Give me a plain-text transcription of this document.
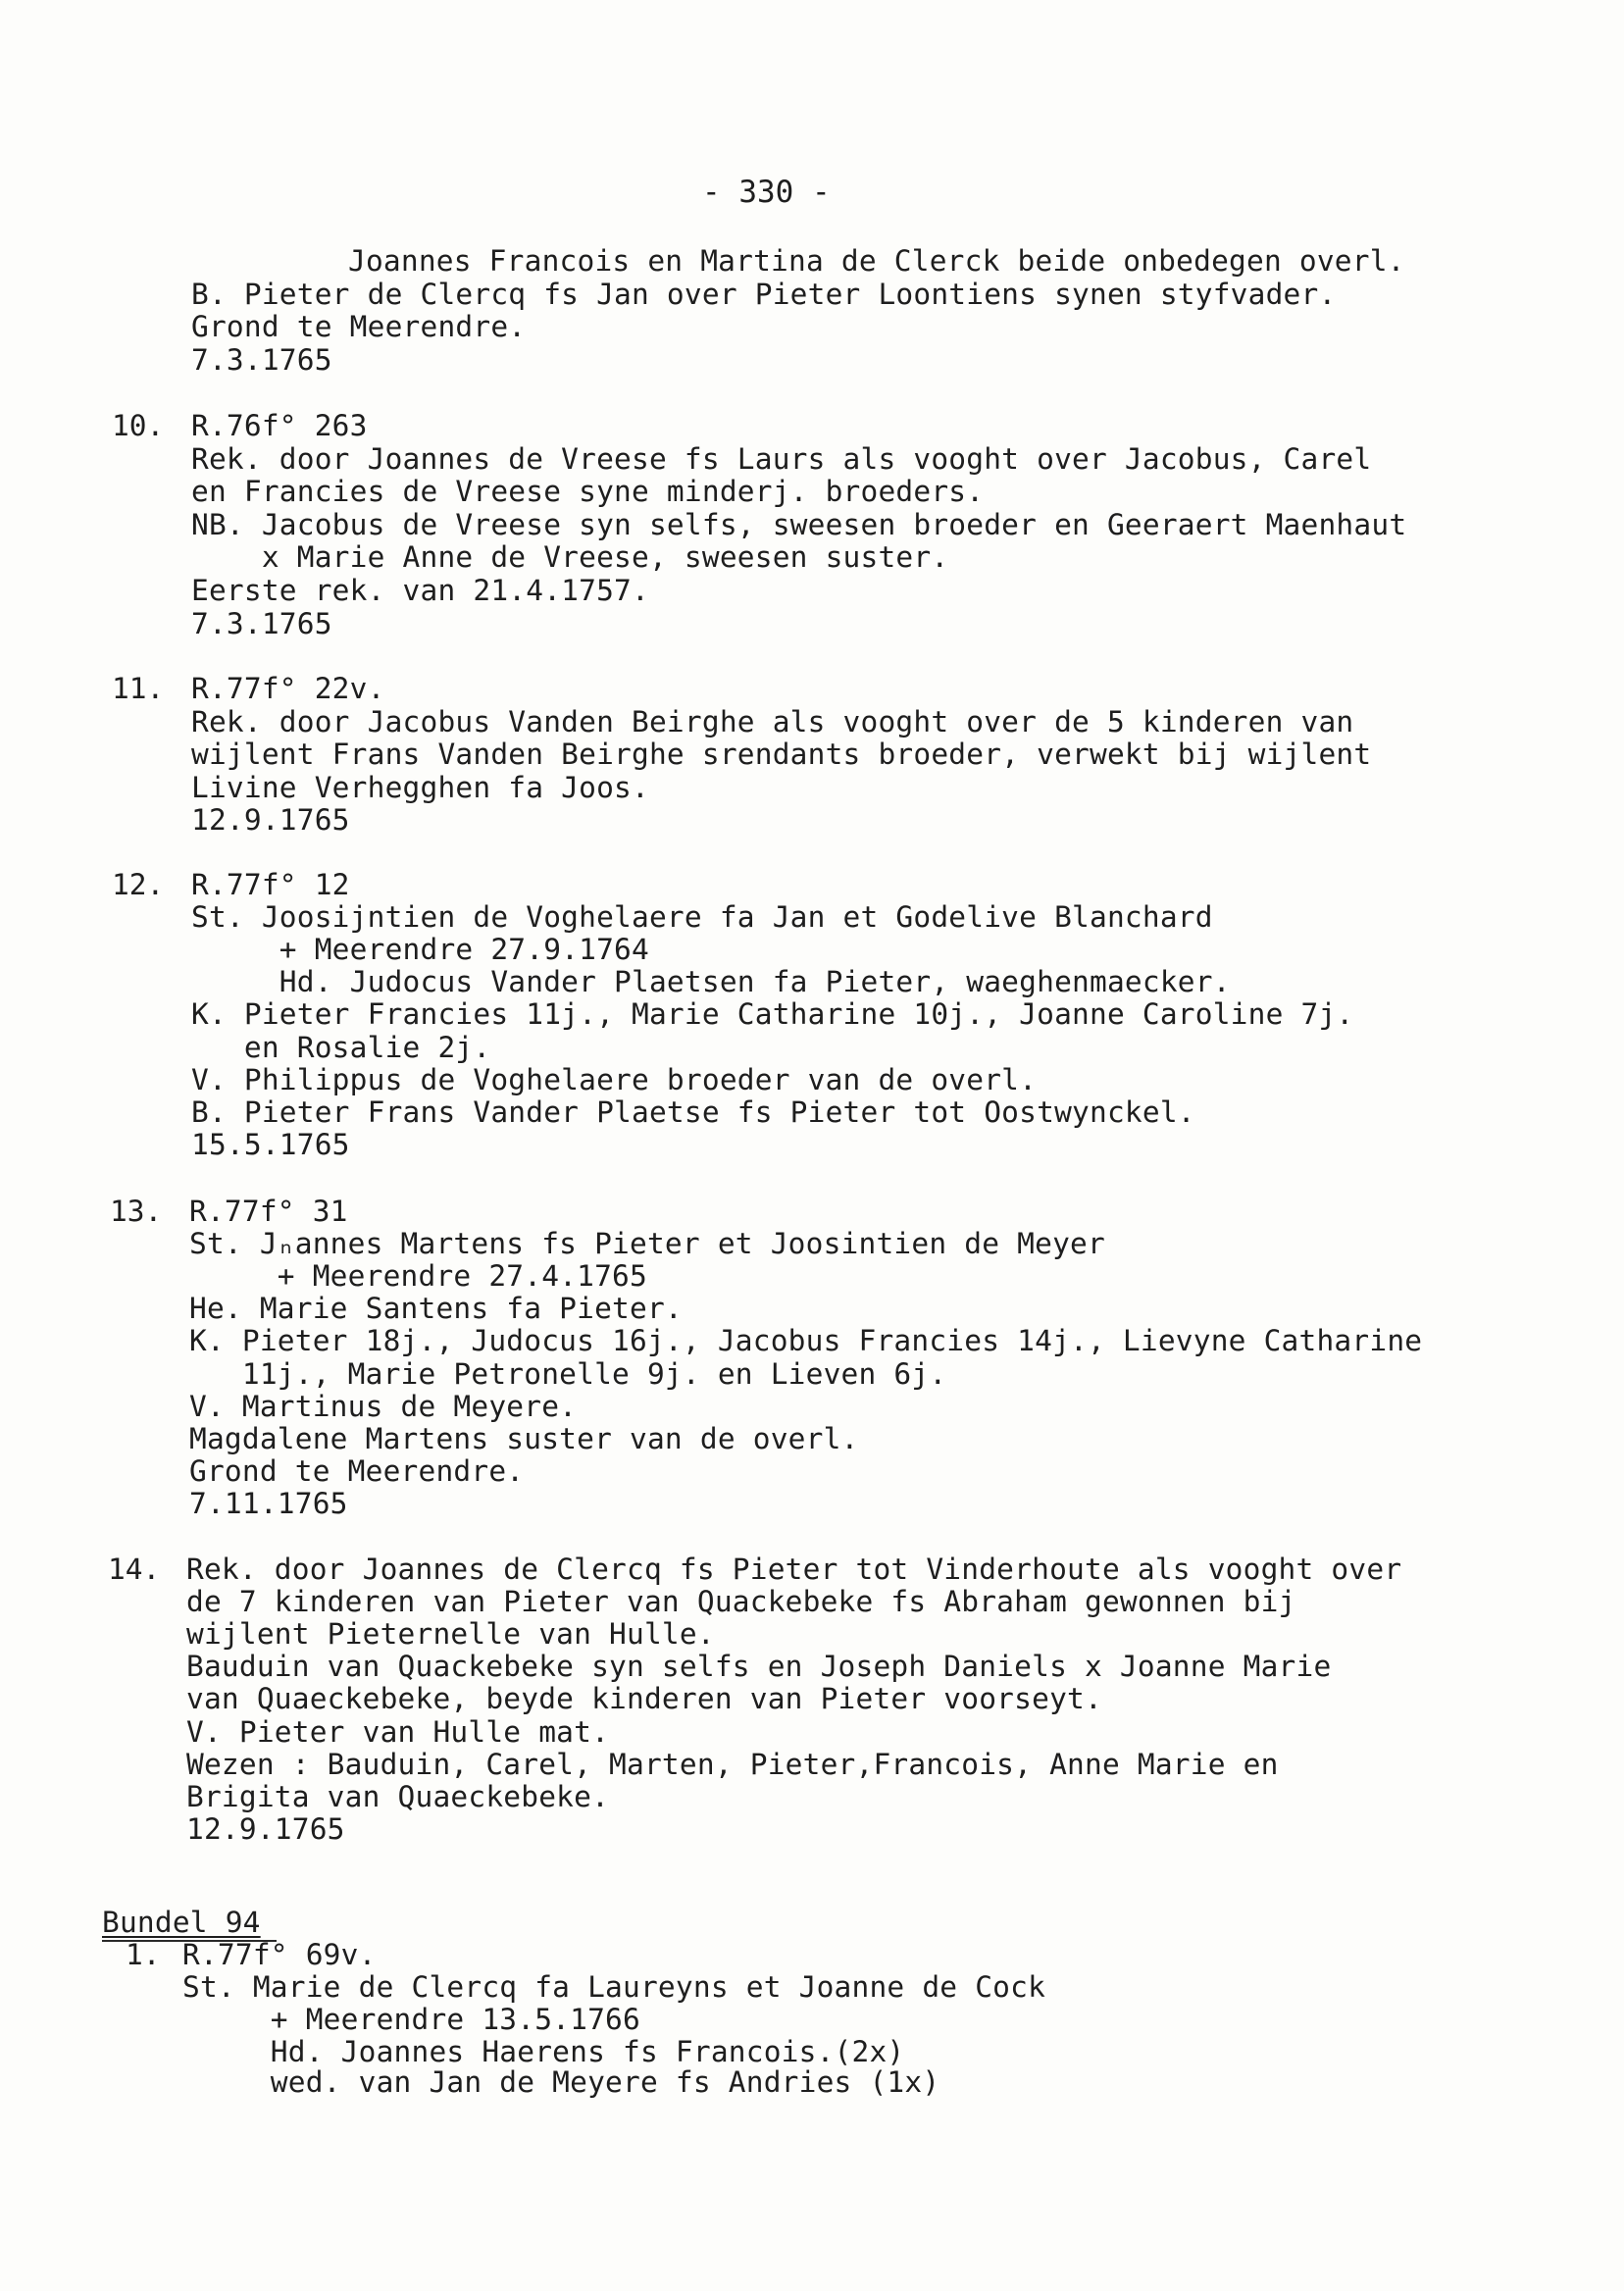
- 330 -
Joannes Francois en Martina de Clerck beide onbedegen overl.
B. Pieter de Clercq fs Jan over Pieter Loontiens synen styfvader.
Grond te Meerendre.
7.3.1765
10. R.76f° 263
Rek. door Joannes de Vreese fs Laurs als vooght over Jacobus, Carel
en Francies de Vreese syne minderj. broeders.
NB. Jacobus de Vreese syn selfs, sweesen broeder en Geeraert Maenhaut
x Marie Anne de Vreese, sweesen suster.
Eerste rek. van 21.4.1757.
7.3.1765
11. R.77f° 22v.
Rek. door Jacobus Vanden Beirghe als vooght over de 5 kinderen van
wijlent Frans Vanden Beirghe srendants broeder, verwekt bij wijlent
Livine Verhegghen fa Joos.
12.9.1765
12. R.77f° 12
St. Joosijntien de Voghelaere fa Jan et Godelive Blanchard
+ Meerendre 27.9.1764
Hd. Judocus Vander Plaetsen fa Pieter, waeghenmaecker.
K. Pieter Francies 11j., Marie Catharine 10j., Joanne Caroline 7j.
en Rosalie 2j.
V. Philippus de Voghelaere broeder van de overl.
B. Pieter Frans Vander Plaetse fs Pieter tot Oostwynckel.
15.5.1765
13. R.77f° 31
St. Jₙannes Martens fs Pieter et Joosintien de Meyer
+ Meerendre 27.4.1765
He. Marie Santens fa Pieter.
K. Pieter 18j., Judocus 16j., Jacobus Francies 14j., Lievyne Catharine
11j., Marie Petronelle 9j. en Lieven 6j.
V. Martinus de Meyere.
Magdalene Martens suster van de overl.
Grond te Meerendre.
7.11.1765
14. Rek. door Joannes de Clercq fs Pieter tot Vinderhoute als vooght over
de 7 kinderen van Pieter van Quackebeke fs Abraham gewonnen bij
wijlent Pieternelle van Hulle.
Bauduin van Quackebeke syn selfs en Joseph Daniels x Joanne Marie
van Quaeckebeke, beyde kinderen van Pieter voorseyt.
V. Pieter van Hulle mat.
Wezen : Bauduin, Carel, Marten, Pieter,Francois, Anne Marie en
Brigita van Quaeckebeke.
12.9.1765
Bundel 94
1. R.77f° 69v.
St. Marie de Clercq fa Laureyns et Joanne de Cock
+ Meerendre 13.5.1766
Hd. Joannes Haerens fs Francois.(2x)
wed. van Jan de Meyere fs Andries (1x)
